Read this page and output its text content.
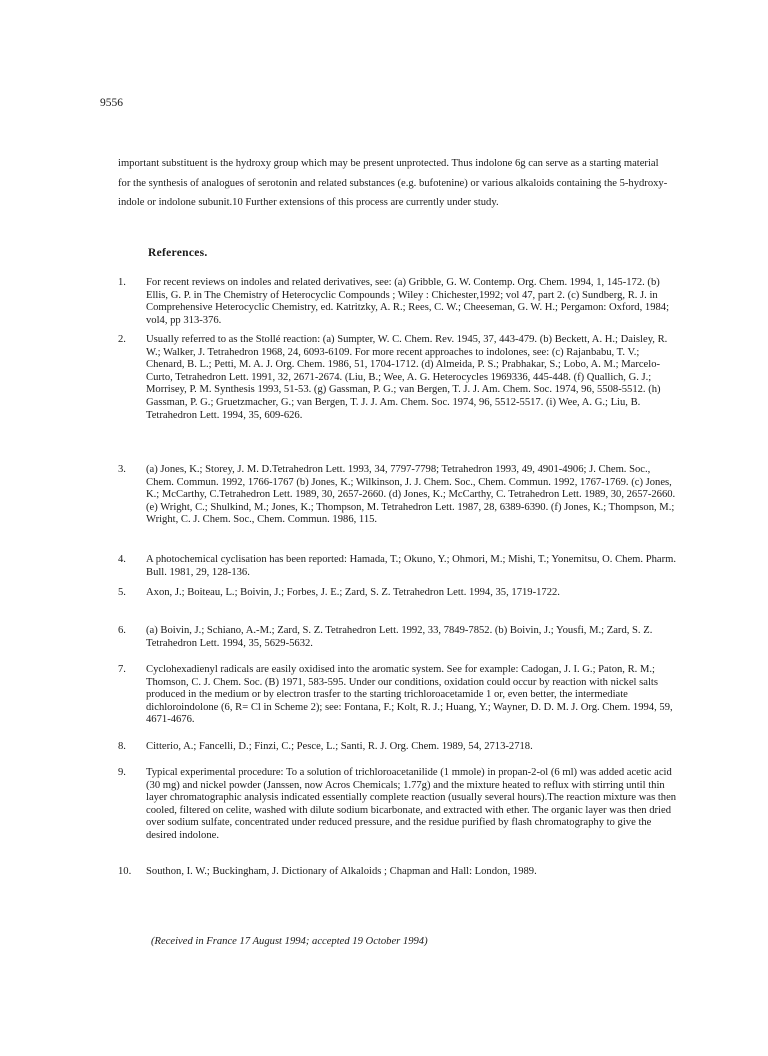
9556

important substituent is the hydroxy group which may be present unprotected. Thus indolone 6g can serve as a starting material for the synthesis of analogues of serotonin and related substances (e.g. bufotenine) or various alkaloids containing the 5-hydroxy-indole or indolone subunit.10 Further extensions of this process are currently under study.

References.
1.	For recent reviews on indoles and related derivatives, see: (a) Gribble, G. W. Contemp. Org. Chem. 1994, 1, 145-172. (b) Ellis, G. P. in The Chemistry of Heterocyclic Compounds ; Wiley : Chichester,1992; vol 47, part 2. (c) Sundberg, R. J. in Comprehensive Heterocyclic Chemistry, ed. Katritzky, A. R.; Rees, C. W.; Cheeseman, G. W. H.; Pergamon: Oxford, 1984; vol4, pp 313-376.
2.	Usually referred to as the Stollé reaction: (a) Sumpter, W. C. Chem. Rev. 1945, 37, 443-479. (b) Beckett, A. H.; Daisley, R. W.; Walker, J. Tetrahedron 1968, 24, 6093-6109. For more recent approaches to indolones, see: (c) Rajanbabu, T. V.; Chenard, B. L.; Petti, M. A. J. Org. Chem. 1986, 51, 1704-1712. (d) Almeida, P. S.; Prabhakar, S.; Lobo, A. M.; Marcelo-Curto, Tetrahedron Lett. 1991, 32, 2671-2674. (Liu, B.; Wee, A. G. Heterocycles 1969336, 445-448. (f) Quallich, G. J.; Morrisey, P. M. Synthesis 1993, 51-53. (g) Gassman, P. G.; van Bergen, T. J. J. Am. Chem. Soc. 1974, 96, 5508-5512. (h) Gassman, P. G.; Gruetzmacher, G.; van Bergen, T. J. J. Am. Chem. Soc. 1974, 96, 5512-5517. (i) Wee, A. G.; Liu, B. Tetrahedron Lett. 1994, 35, 609-626.
3.	(a) Jones, K.; Storey, J. M. D.Tetrahedron Lett. 1993, 34, 7797-7798; Tetrahedron 1993, 49, 4901-4906; J. Chem. Soc., Chem. Commun. 1992, 1766-1767 (b) Jones, K.; Wilkinson, J. J. Chem. Soc., Chem. Commun. 1992, 1767-1769. (c) Jones, K.; McCarthy, C.Tetrahedron Lett. 1989, 30, 2657-2660. (d) Jones, K.; McCarthy, C. Tetrahedron Lett. 1989, 30, 2657-2660. (e) Wright, C.; Shulkind, M.; Jones, K.; Thompson, M. Tetrahedron Lett. 1987, 28, 6389-6390. (f) Jones, K.; Thompson, M.; Wright, C. J. Chem. Soc., Chem. Commun. 1986, 115.
4.	A photochemical cyclisation has been reported: Hamada, T.; Okuno, Y.; Ohmori, M.; Mishi, T.; Yonemitsu, O. Chem. Pharm. Bull. 1981, 29, 128-136.
5.	Axon, J.; Boiteau, L.; Boivin, J.; Forbes, J. E.; Zard, S. Z. Tetrahedron Lett. 1994, 35, 1719-1722.
6.	(a) Boivin, J.; Schiano, A.-M.; Zard, S. Z. Tetrahedron Lett. 1992, 33, 7849-7852. (b) Boivin, J.; Yousfi, M.; Zard, S. Z. Tetrahedron Lett. 1994, 35, 5629-5632.
7.	Cyclohexadienyl radicals are easily oxidised into the aromatic system. See for example: Cadogan, J. I. G.; Paton, R. M.; Thomson, C. J. Chem. Soc. (B) 1971, 583-595. Under our conditions, oxidation could occur by reaction with nickel salts produced in the medium or by electron trasfer to the starting trichloroacetamide 1 or, even better, the intermediate dichloroindolone (6, R= Cl in Scheme 2); see: Fontana, F.; Kolt, R. J.; Huang, Y.; Wayner, D. D. M. J. Org. Chem. 1994, 59, 4671-4676.
8.	Citterio, A.; Fancelli, D.; Finzi, C.; Pesce, L.; Santi, R. J. Org. Chem. 1989, 54, 2713-2718.
9.	Typical experimental procedure: To a solution of trichloroacetanilide (1 mmole) in propan-2-ol (6 ml) was added acetic acid (30 mg) and nickel powder (Janssen, now Acros Chemicals; 1.77g) and the mixture heated to reflux with stirring until thin layer chromatographic analysis indicated essentially complete reaction (usually several hours).The reaction mixture was then cooled, filtered on celite, washed with dilute sodium bicarbonate, and extracted with ether. The organic layer was then dried over sodium sulfate, concentrated under reduced pressure, and the residue purified by flash chromatography to give the desired indolone.
10.	Southon, I. W.; Buckingham, J. Dictionary of Alkaloids ; Chapman and Hall: London, 1989.
(Received in France 17 August 1994; accepted 19 October 1994)
